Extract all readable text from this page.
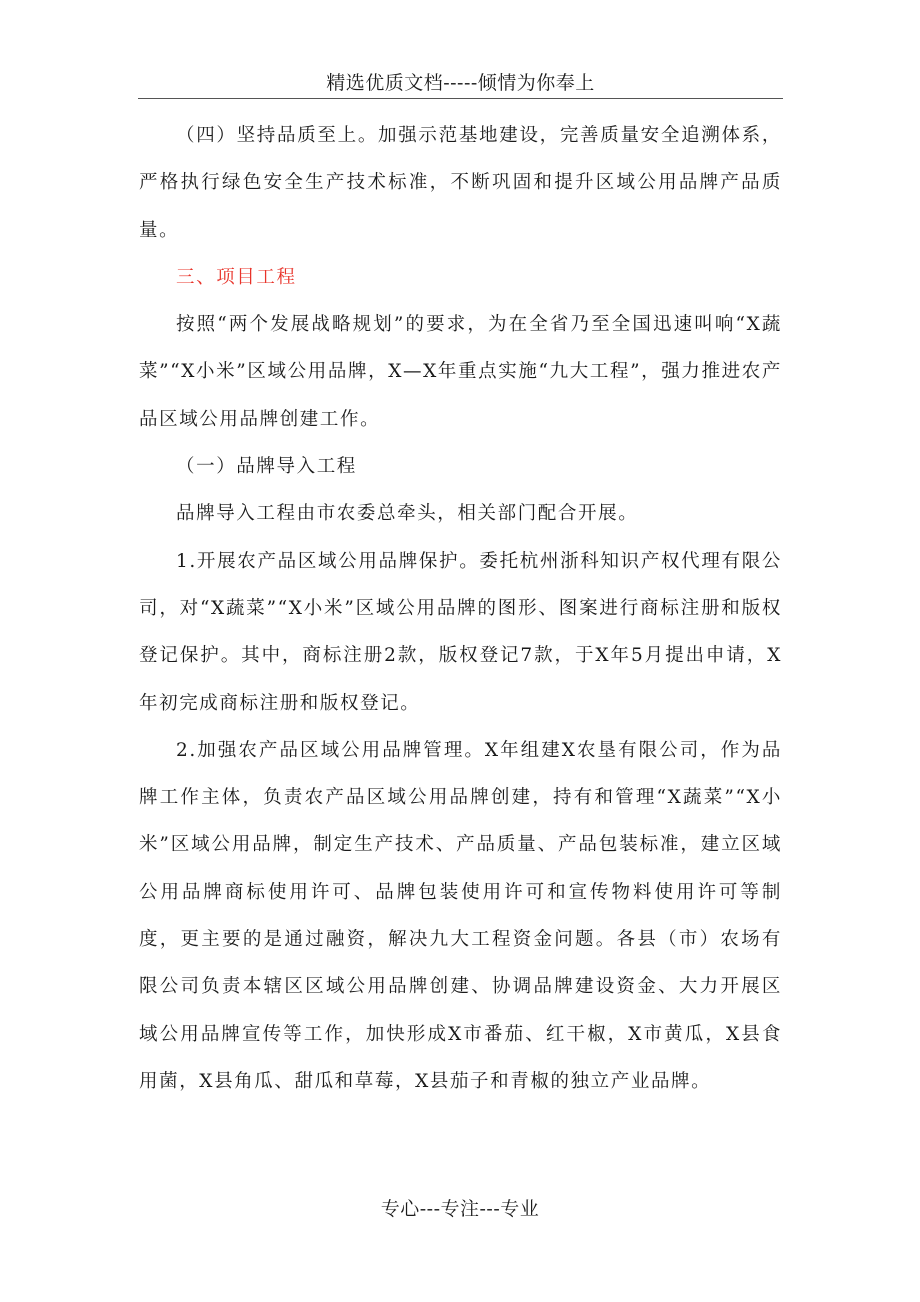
精选优质文档-----倾情为你奉上

（四）坚持品质至上。加强示范基地建设，完善质量安全追溯体系，严格执行绿色安全生产技术标准，不断巩固和提升区域公用品牌产品质量。

三、项目工程

按照“两个发展战略规划”的要求，为在全省乃至全国迅速叫响“X蔬菜”“X小米”区域公用品牌，X—X年重点实施“九大工程”，强力推进农产品区域公用品牌创建工作。

（一）品牌导入工程

品牌导入工程由市农委总牵头，相关部门配合开展。

1.开展农产品区域公用品牌保护。委托杭州浙科知识产权代理有限公司，对“X蔬菜”“X小米”区域公用品牌的图形、图案进行商标注册和版权登记保护。其中，商标注册2款，版权登记7款，于X年5月提出申请，X年初完成商标注册和版权登记。

2.加强农产品区域公用品牌管理。X年组建X农垦有限公司，作为品牌工作主体，负责农产品区域公用品牌创建，持有和管理“X蔬菜”“X小米”区域公用品牌，制定生产技术、产品质量、产品包装标准，建立区域公用品牌商标使用许可、品牌包装使用许可和宣传物料使用许可等制度，更主要的是通过融资，解决九大工程资金问题。各县（市）农场有限公司负责本辖区区域公用品牌创建、协调品牌建设资金、大力开展区域公用品牌宣传等工作，加快形成X市番茄、红干椒，X市黄瓜，X县食用菌，X县角瓜、甜瓜和草莓，X县茄子和青椒的独立产业品牌。

专心---专注---专业
